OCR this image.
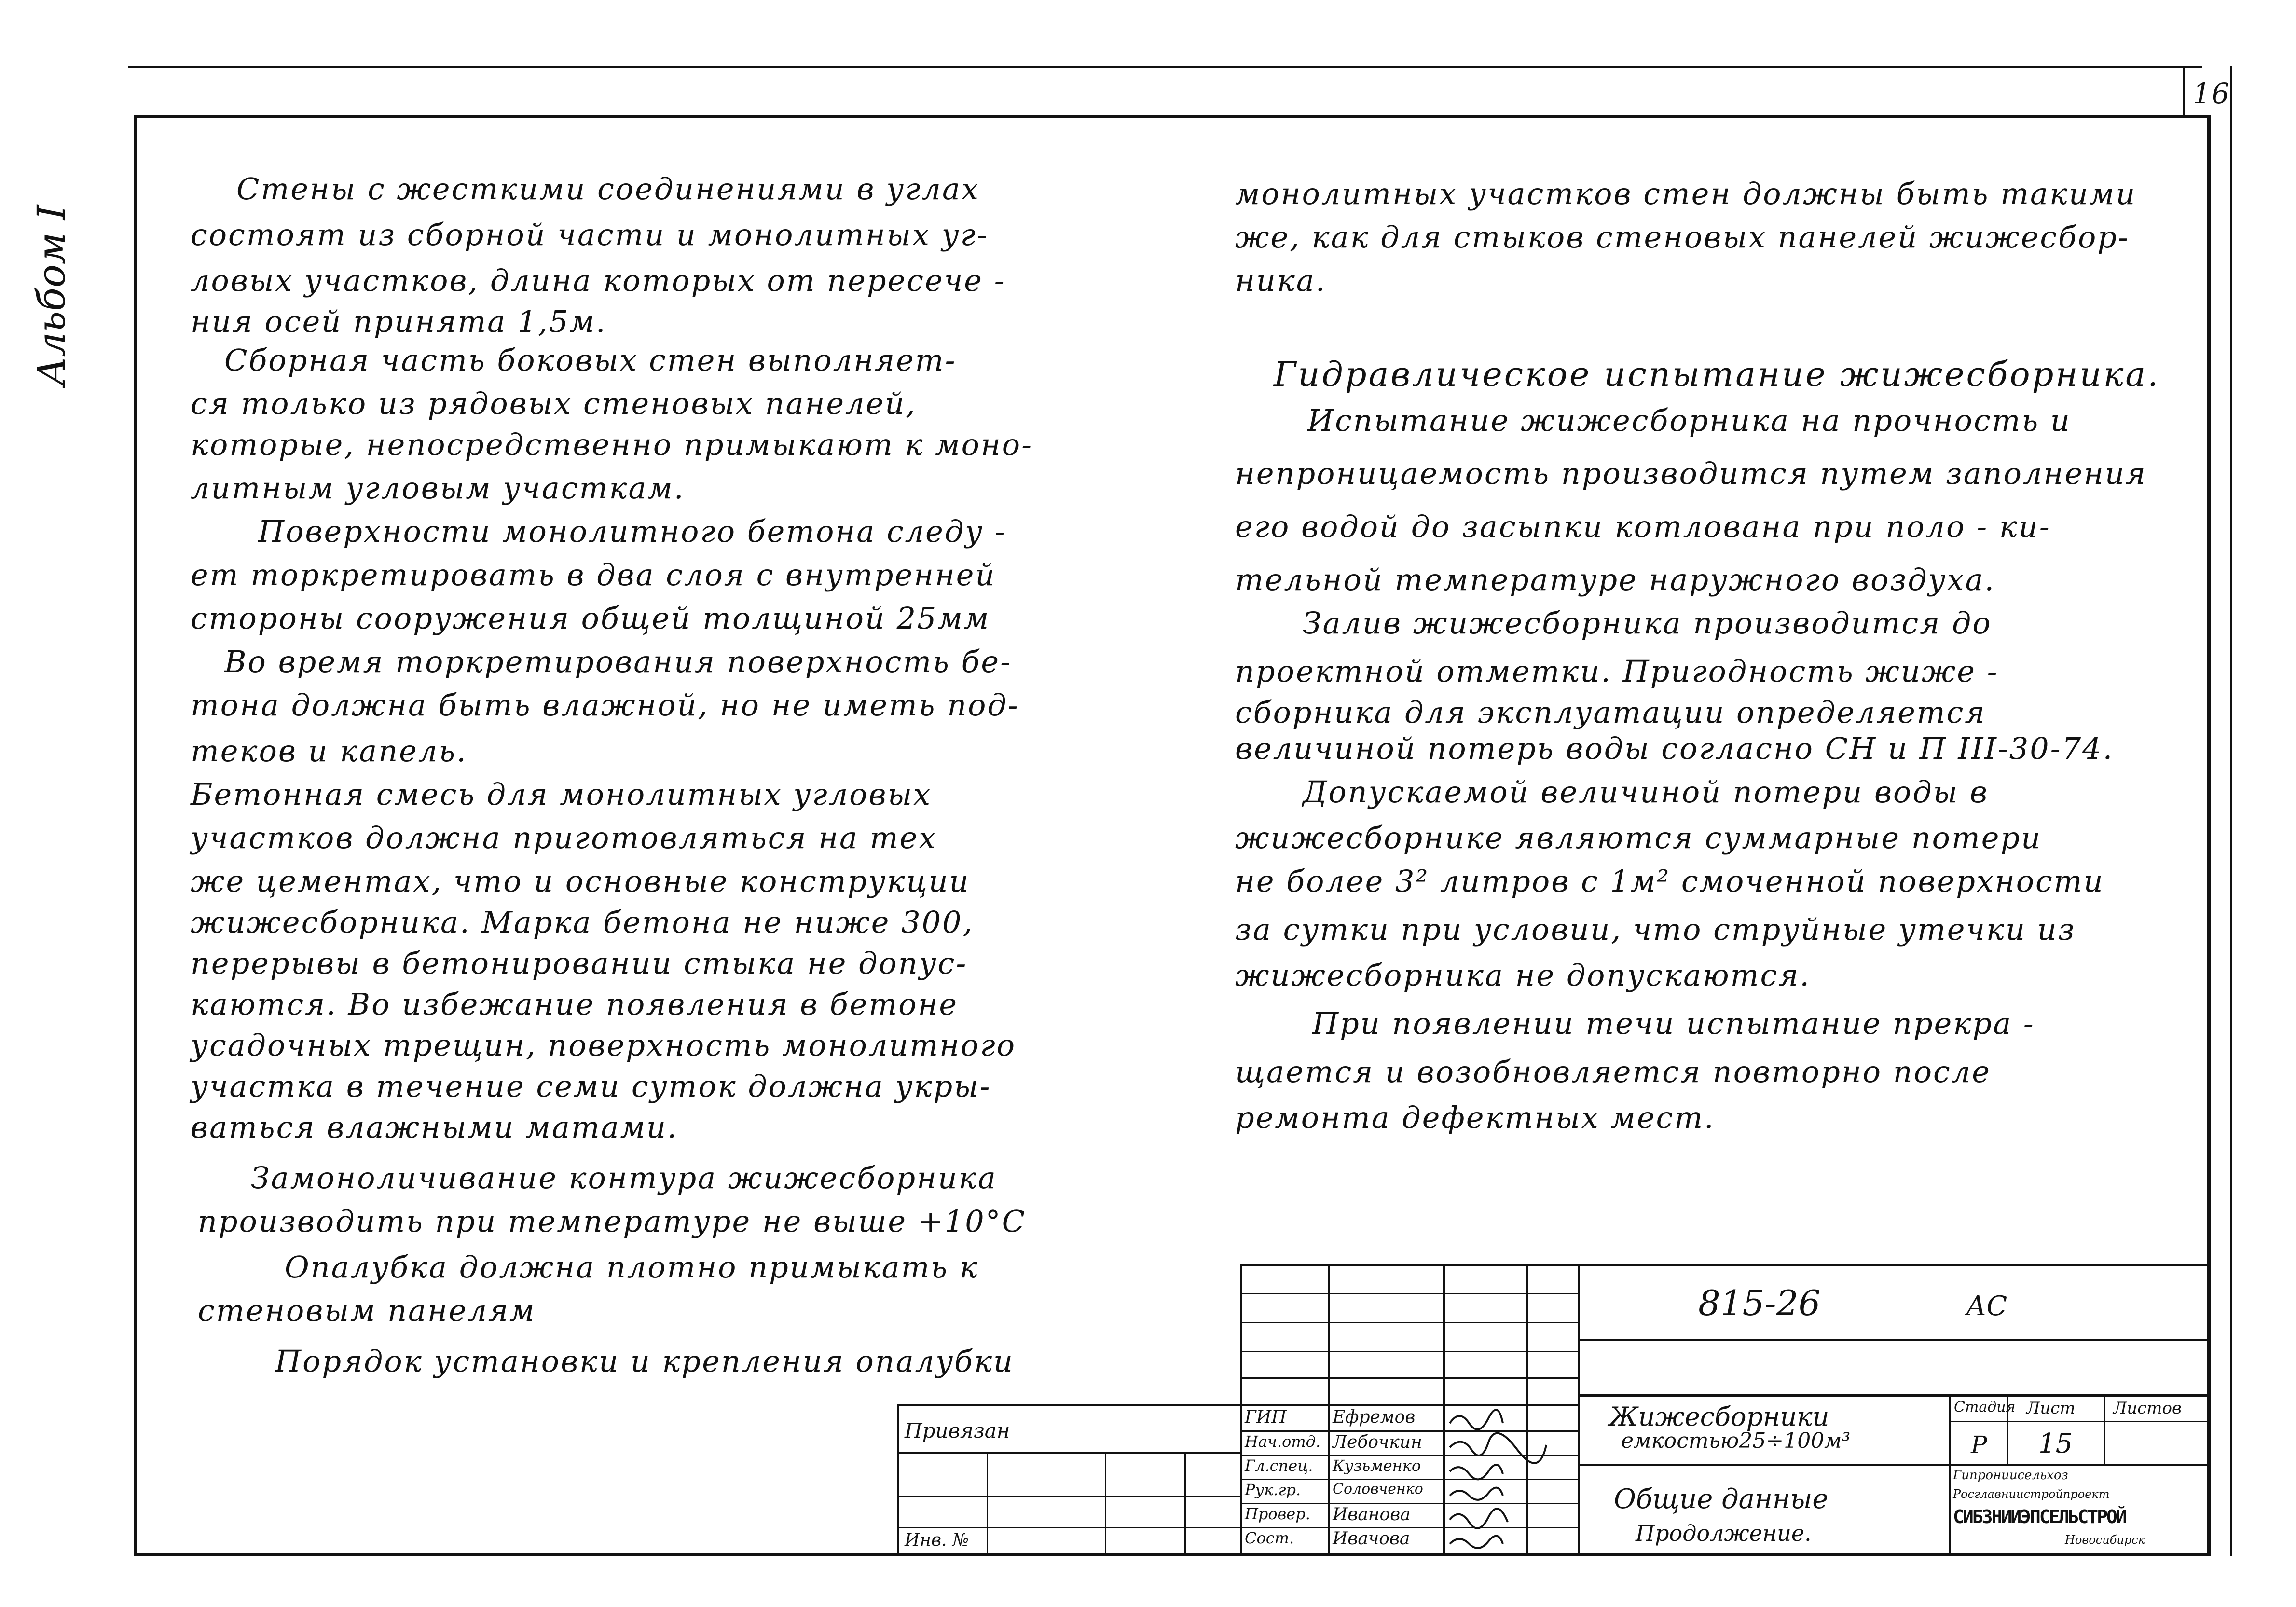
16
Альбом I

Стены с жесткими соединениями в углах

состоят из сборной части и монолитных уг-

ловых участков, длина которых от пересече -

ния осей принята 1,5м.

Сборная часть боковых стен выполняет-

ся только из рядовых стеновых панелей,

которые, непосредственно примыкают к моно-

литным угловым участкам.

Поверхности монолитного бетона следу -

ет торкретировать в два слоя с внутренней

стороны сооружения общей толщиной 25мм

Во время торкретирования поверхность бе-

тона должна быть влажной, но не иметь под-

теков и капель.

Бетонная смесь для монолитных угловых

участков должна приготовляться на тех

же цементах, что и основные конструкции

жижесборника. Марка бетона не ниже 300,

перерывы в бетонировании стыка не допус-

каются. Во избежание появления в бетоне

усадочных трещин, поверхность монолитного

участка в течение семи суток должна укры-

ваться влажными матами.

Замоноличивание контура жижесборника

производить при температуре не выше +10°С

Опалубка должна плотно примыкать к

стеновым панелям

Порядок установки и крепления опалубки

монолитных участков стен должны быть такими

же, как для стыков стеновых панелей жижесбор-

ника.

Гидравлическое испытание жижесборника.

Испытание жижесборника на прочность и

непроницаемость производится путем заполнения

его водой до засыпки котлована при поло - ки-

тельной температуре наружного воздуха.

Залив жижесборника производится до

проектной отметки. Пригодность жиже -

сборника для эксплуатации определяется

величиной потерь воды согласно СН и П III-30-74.

Допускаемой величиной потери воды в

жижесборнике являются суммарные потери

не более 3² литров с 1м² смоченной поверхности

за сутки при условии, что струйные утечки из

жижесборника не допускаются.

При появлении течи испытание прекра -

щается и возобновляется повторно после

ремонта дефектных мест.

Привязан
Инв. №
ГИП
Нач.отд.
Гл.спец.
Рук.гр.
Провер.
Сост.
Ефремов
Лебочкин
Кузьменко
Соловченко
Иванова
Ивачова
815-26	АС
Жижесборники
емкостью25÷100м³
Общие данные
Продолжение.
Стадия Лист Листов
Р 15
Гипрониисельхоз
Росглавниистройпроект
СИБЗНИИЭПСЕЛЬСТРОЙ
Новосибирск
